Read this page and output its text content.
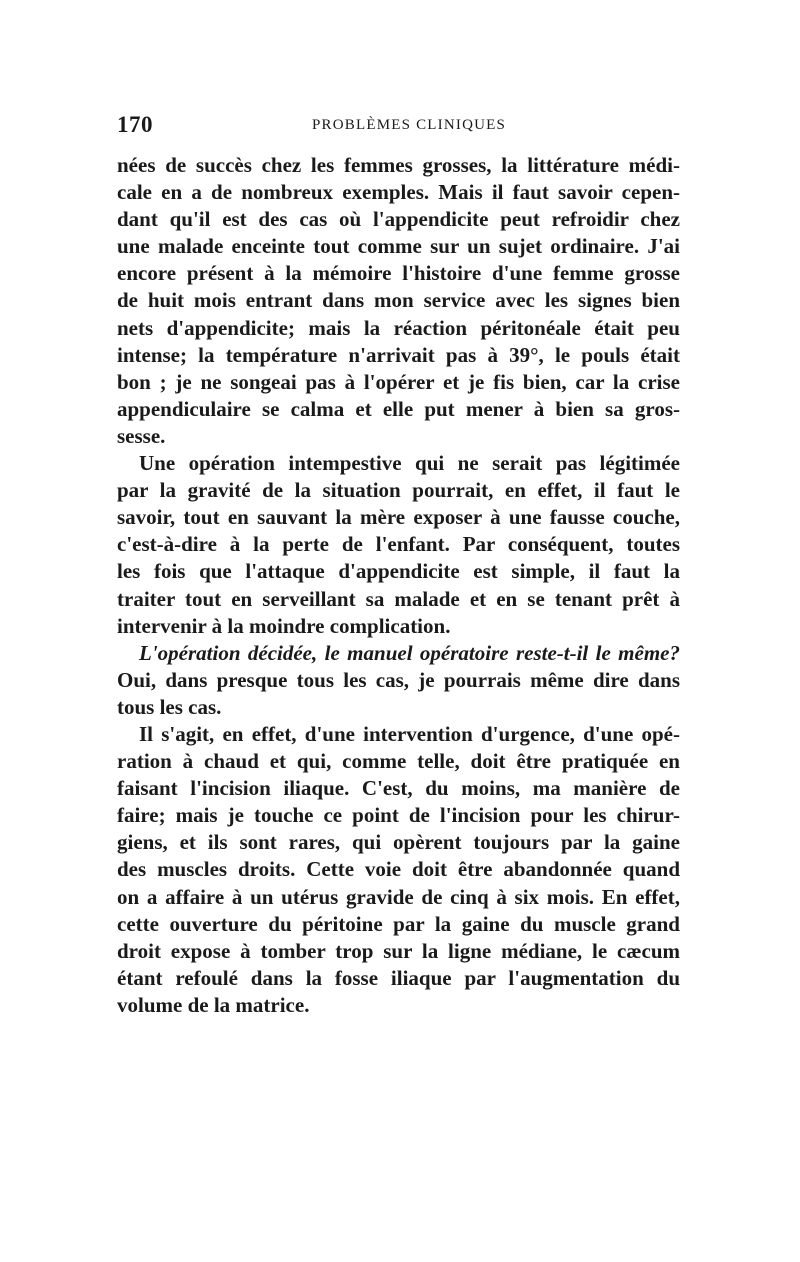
170	PROBLÈMES CLINIQUES
nées de succès chez les femmes grosses, la littérature médi-
cale en a de nombreux exemples. Mais il faut savoir cepen-
dant qu'il est des cas où l'appendicite peut refroidir chez
une malade enceinte tout comme sur un sujet ordinaire. J'ai
encore présent à la mémoire l'histoire d'une femme grosse
de huit mois entrant dans mon service avec les signes bien
nets d'appendicite; mais la réaction péritonéale était peu
intense; la température n'arrivait pas à 39°, le pouls était
bon ; je ne songeai pas à l'opérer et je fis bien, car la crise
appendiculaire se calma et elle put mener à bien sa gros-
sesse.
Une opération intempestive qui ne serait pas légitimée
par la gravité de la situation pourrait, en effet, il faut le
savoir, tout en sauvant la mère exposer à une fausse couche,
c'est-à-dire à la perte de l'enfant. Par conséquent, toutes
les fois que l'attaque d'appendicite est simple, il faut la
traiter tout en serveillant sa malade et en se tenant prêt à
intervenir à la moindre complication.
L'opération décidée, le manuel opératoire reste-t-il le même?
Oui, dans presque tous les cas, je pourrais même dire dans
tous les cas.
Il s'agit, en effet, d'une intervention d'urgence, d'une opé-
ration à chaud et qui, comme telle, doit être pratiquée en
faisant l'incision iliaque. C'est, du moins, ma manière de
faire; mais je touche ce point de l'incision pour les chirur-
giens, et ils sont rares, qui opèrent toujours par la gaine
des muscles droits. Cette voie doit être abandonnée quand
on a affaire à un utérus gravide de cinq à six mois. En effet,
cette ouverture du péritoine par la gaine du muscle grand
droit expose à tomber trop sur la ligne médiane, le cæcum
étant refoulé dans la fosse iliaque par l'augmentation du
volume de la matrice.
